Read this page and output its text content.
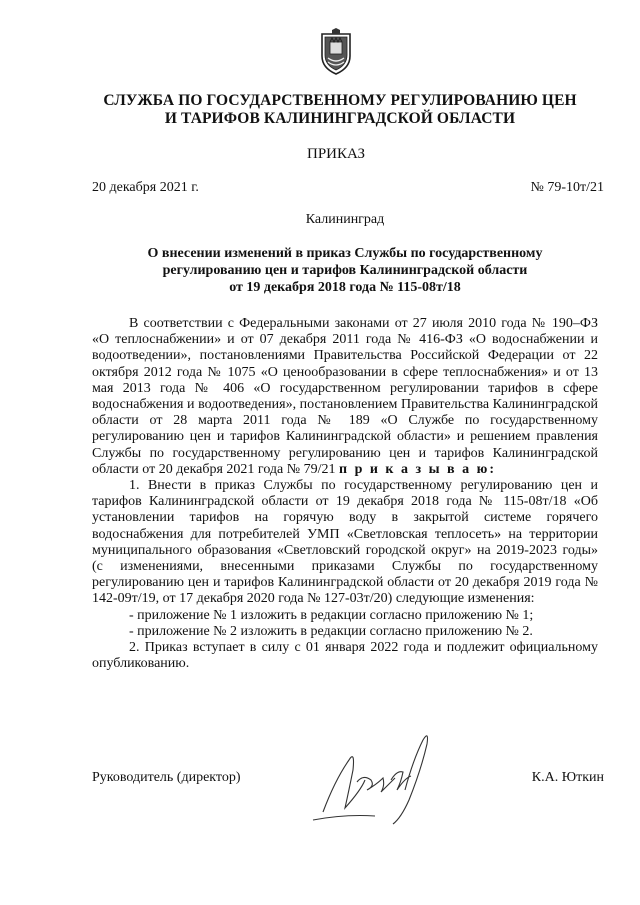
СЛУЖБА ПО ГОСУДАРСТВЕННОМУ РЕГУЛИРОВАНИЮ ЦЕН
И ТАРИФОВ КАЛИНИНГРАДСКОЙ ОБЛАСТИ
ПРИКАЗ
20 декабря 2021 г.	№ 79-10т/21
Калининград
О внесении изменений в приказ Службы по государственному
регулированию цен и тарифов Калининградской области
от 19 декабря 2018 года № 115-08т/18

В соответствии с Федеральными законами от 27 июля 2010 года № 190–ФЗ «О теплоснабжении» и от 07 декабря 2011 года № 416-ФЗ «О водоснабжении и водоотведении», постановлениями Правительства Российской Федерации от 22 октября 2012 года № 1075 «О ценообразовании в сфере теплоснабжения» и от 13 мая 2013 года № 406 «О государственном регулировании тарифов в сфере водоснабжения и водоотведения», постановлением Правительства Калининградской области от 28 марта 2011 года № 189 «О Службе по государственному регулированию цен и тарифов Калининградской области» и решением правления Службы по государственному регулированию цен и тарифов Калининградской области от 20 декабря 2021 года № 79/21 п р и к а з ы в а ю:

1. Внести в приказ Службы по государственному регулированию цен и тарифов Калининградской области от 19 декабря 2018 года № 115-08т/18 «Об установлении тарифов на горячую воду в закрытой системе горячего водоснабжения для потребителей УМП «Светловская теплосеть» на территории муниципального образования «Светловский городской округ» на 2019-2023 годы» (с изменениями, внесенными приказами Службы по государственному регулированию цен и тарифов Калининградской области от 20 декабря 2019 года № 142-09т/19, от 17 декабря 2020 года № 127-03т/20) следующие изменения:

- приложение № 1 изложить в редакции согласно приложению № 1;

- приложение № 2 изложить в редакции согласно приложению № 2.

2. Приказ вступает в силу с 01 января 2022 года и подлежит официальному опубликованию.

Руководитель (директор)	К.А. Юткин
